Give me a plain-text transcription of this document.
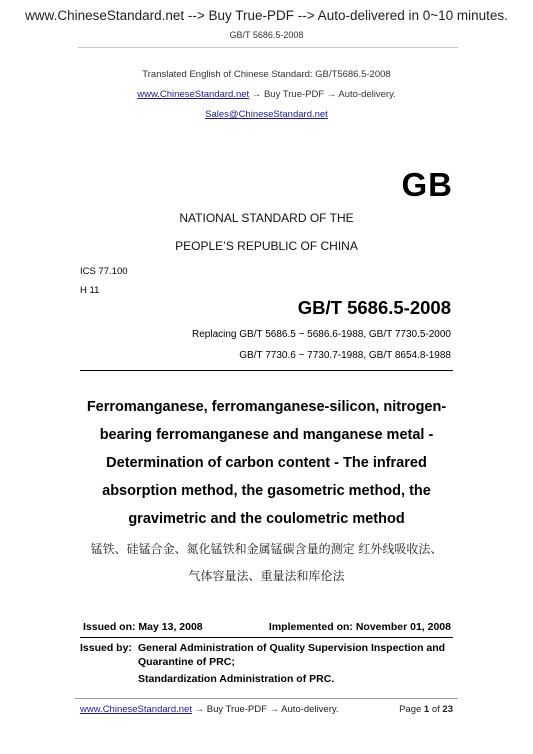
www.ChineseStandard.net --> Buy True-PDF --> Auto-delivered in 0~10 minutes.
GB/T 5686.5-2008
Translated English of Chinese Standard: GB/T5686.5-2008
www.ChineseStandard.net → Buy True-PDF → Auto-delivery.
Sales@ChineseStandard.net
GB
NATIONAL STANDARD OF THE
PEOPLE’S REPUBLIC OF CHINA
ICS 77.100
H 11
GB/T 5686.5-2008
Replacing GB/T 5686.5 ~ 5686.6-1988, GB/T 7730.5-2000
GB/T 7730.6 ~ 7730.7-1988, GB/T 8654.8-1988
Ferromanganese, ferromanganese-silicon, nitrogen-
bearing ferromanganese and manganese metal -
Determination of carbon content - The infrared
absorption method, the gasometric method, the
gravimetric and the coulometric method
锰铁、硅锰合金、氮化锰铁和金属锰碳含量的测定 红外线吸收法、
气体容量法、重量法和库伦法
Issued on: May 13, 2008	Implemented on: November 01, 2008
Issued by: General Administration of Quality Supervision Inspection and
Quarantine of PRC;
Standardization Administration of PRC.
www.ChineseStandard.net → Buy True-PDF → Auto-delivery.	Page 1 of 23
